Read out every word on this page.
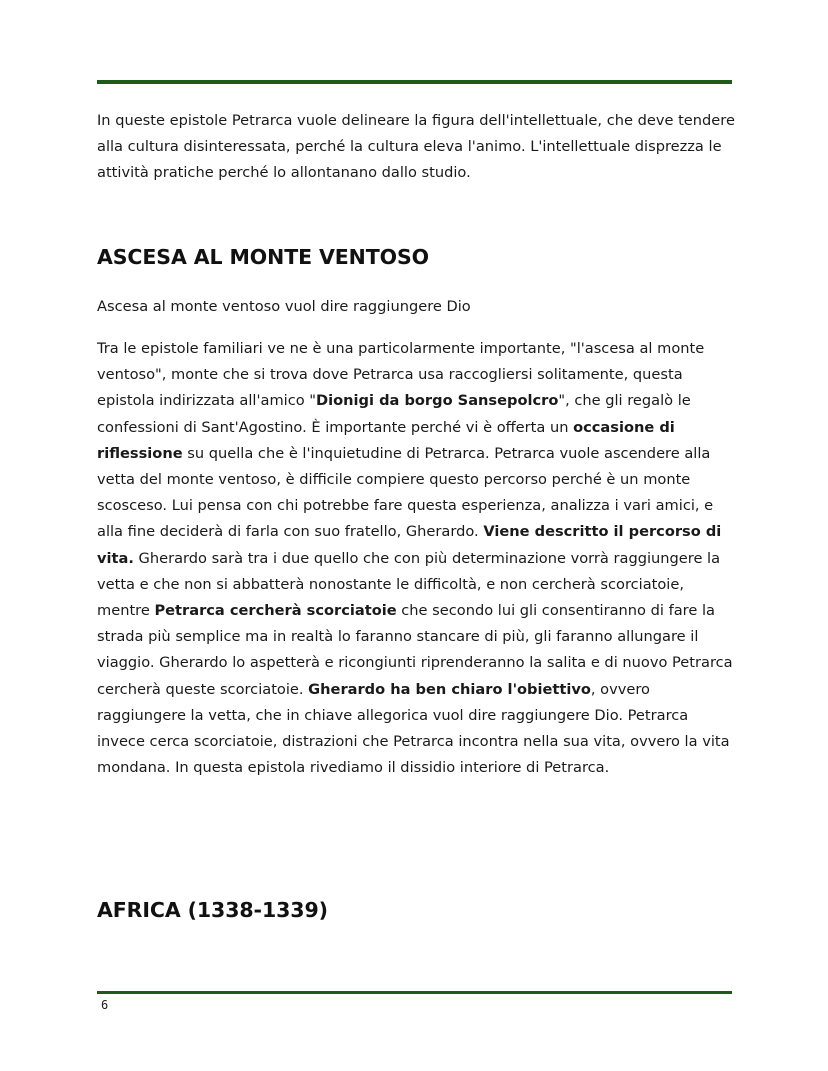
In queste epistole Petrarca vuole delineare la figura dell'intellettuale, che deve tendere alla cultura disinteressata, perché la cultura eleva l'animo. L'intellettuale disprezza le attività pratiche perché lo allontanano dallo studio.

ASCESA AL MONTE VENTOSO

Ascesa al monte ventoso vuol dire raggiungere Dio

Tra le epistole familiari ve ne è una particolarmente importante, "l'ascesa al monte ventoso", monte che si trova dove Petrarca usa raccogliersi solitamente, questa epistola indirizzata all'amico "Dionigi da borgo Sansepolcro", che gli regalò le confessioni di Sant'Agostino. È importante perché vi è offerta un occasione di riflessione su quella che è l'inquietudine di Petrarca. Petrarca vuole ascendere alla vetta del monte ventoso, è difficile compiere questo percorso perché è un monte scosceso. Lui pensa con chi potrebbe fare questa esperienza, analizza i vari amici, e alla fine deciderà di farla con suo fratello, Gherardo. Viene descritto il percorso di vita. Gherardo sarà tra i due quello che con più determinazione vorrà raggiungere la vetta e che non si abbatterà nonostante le difficoltà, e non cercherà scorciatoie, mentre Petrarca cercherà scorciatoie che secondo lui gli consentiranno di fare la strada più semplice ma in realtà lo faranno stancare di più, gli faranno allungare il viaggio. Gherardo lo aspetterà e ricongiunti riprenderanno la salita e di nuovo Petrarca cercherà queste scorciatoie. Gherardo ha ben chiaro l'obiettivo, ovvero raggiungere la vetta, che in chiave allegorica vuol dire raggiungere Dio. Petrarca invece cerca scorciatoie, distrazioni che Petrarca incontra nella sua vita, ovvero la vita mondana. In questa epistola rivediamo il dissidio interiore di Petrarca.

AFRICA (1338-1339)
6
